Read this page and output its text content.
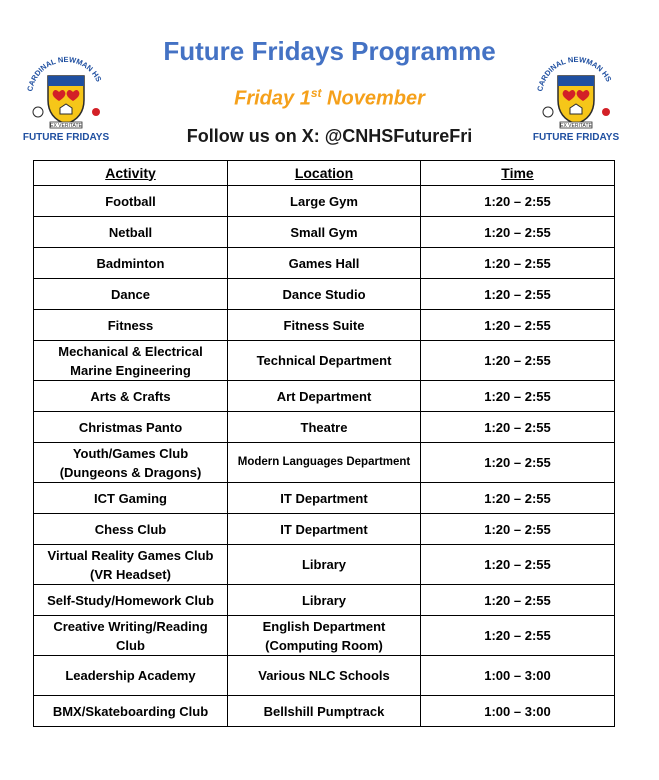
CARDINAL NEWMAN HS
EX VERITATE
FUTURE FRIDAYS
CARDINAL NEWMAN HS
EX VERITATE
FUTURE FRIDAYS
Future Fridays Programme
Friday 1st November
Follow us on X: @CNHSFutureFri
Activity	Location	Time
Football	Large Gym	1:20 – 2:55
Netball	Small Gym	1:20 – 2:55
Badminton	Games Hall	1:20 – 2:55
Dance	Dance Studio	1:20 – 2:55
Fitness	Fitness Suite	1:20 – 2:55
Mechanical & Electrical Marine Engineering	Technical Department	1:20 – 2:55
Arts & Crafts	Art Department	1:20 – 2:55
Christmas Panto	Theatre	1:20 – 2:55
Youth/Games Club (Dungeons & Dragons)	Modern Languages Department	1:20 – 2:55
ICT Gaming	IT Department	1:20 – 2:55
Chess Club	IT Department	1:20 – 2:55
Virtual Reality Games Club (VR Headset)	Library	1:20 – 2:55
Self-Study/Homework Club	Library	1:20 – 2:55
Creative Writing/Reading Club	English Department (Computing Room)	1:20 – 2:55
Leadership Academy	Various NLC Schools	1:00 – 3:00
BMX/Skateboarding Club	Bellshill Pumptrack	1:00 – 3:00
